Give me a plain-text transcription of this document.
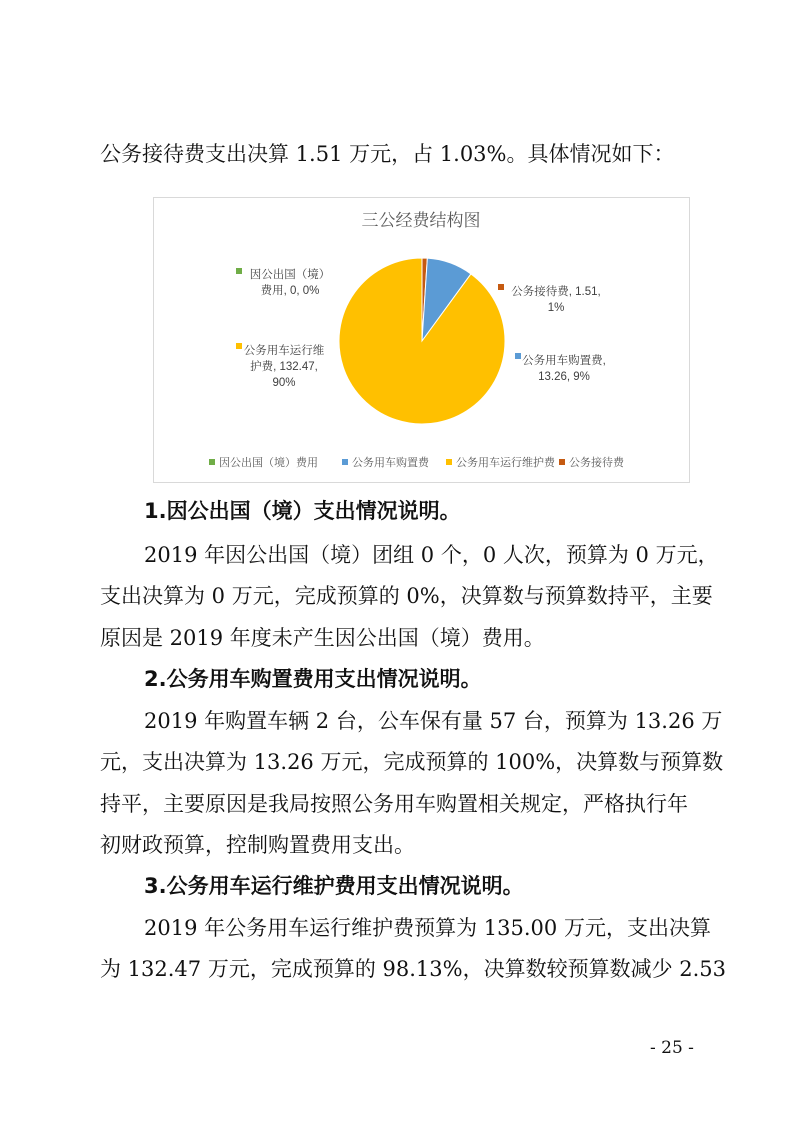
公务接待费支出决算 1.51 万元，占 1.03%。具体情况如下：
三公经费结构图
因公出国（境）
费用, 0, 0%
公务用车购置费,
13.26, 9%
公务用车运行维
护费, 132.47,
90%
公务接待费, 1.51,
1%
因公出国（境）费用	公务用车购置费 公务用车运行维护费 公务接待费
1.因公出国（境）支出情况说明。
2019 年因公出国（境）团组 0 个，0 人次，预算为 0 万元，
支出决算为 0 万元，完成预算的 0%，决算数与预算数持平，主要
原因是 2019 年度未产生因公出国（境）费用。
2.公务用车购置费用支出情况说明。
2019 年购置车辆 2 台，公车保有量 57 台，预算为 13.26 万
元，支出决算为 13.26 万元，完成预算的 100%，决算数与预算数
持平，主要原因是我局按照公务用车购置相关规定，严格执行年
初财政预算，控制购置费用支出。
3.公务用车运行维护费用支出情况说明。
2019 年公务用车运行维护费预算为 135.00 万元，支出决算
为 132.47 万元，完成预算的 98.13%，决算数较预算数减少 2.53
- 25 -
